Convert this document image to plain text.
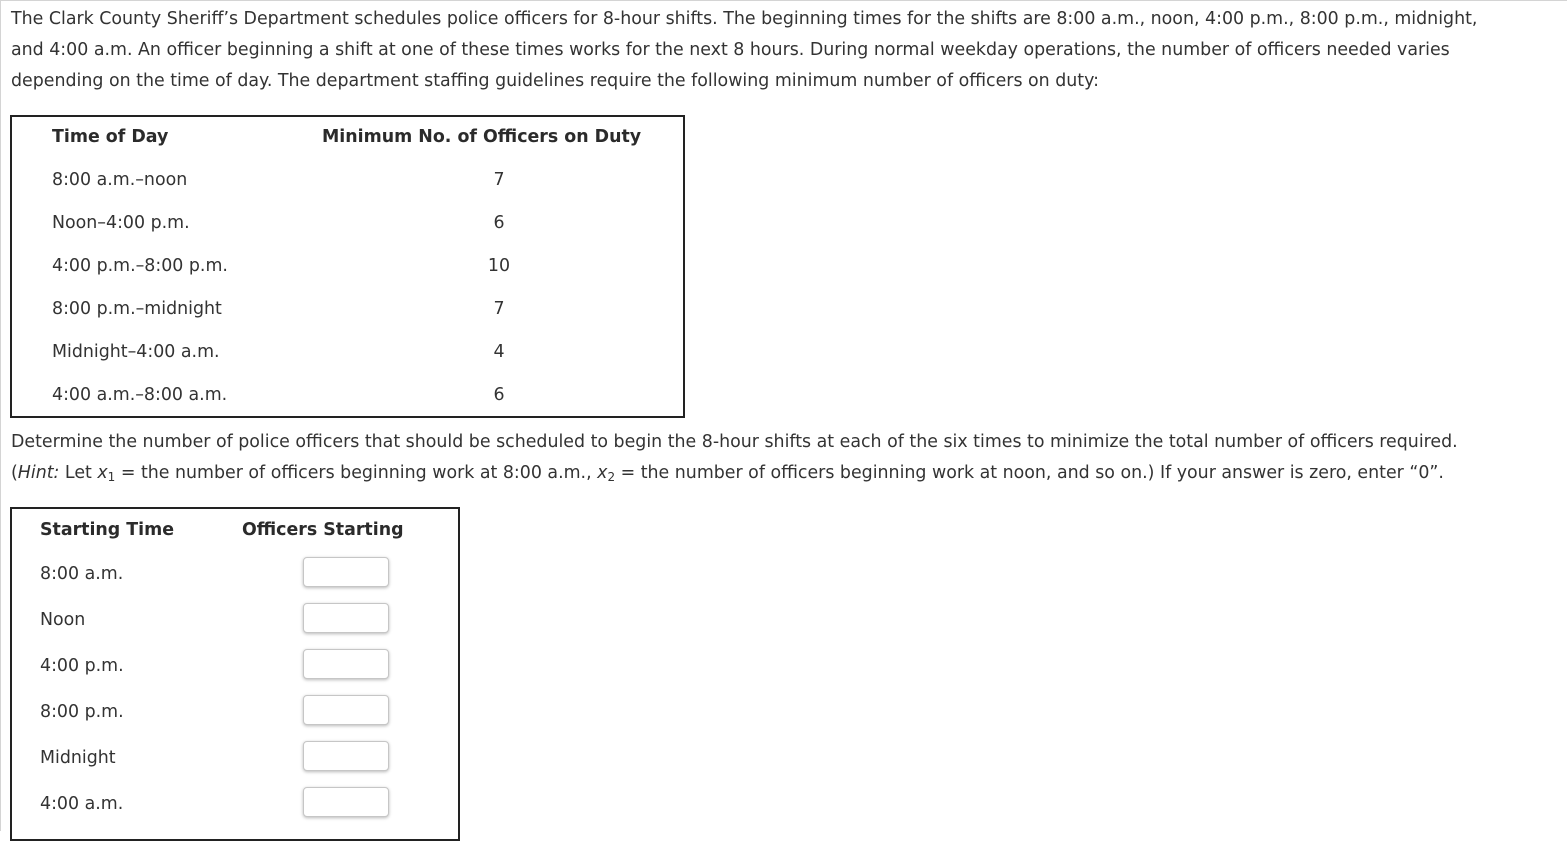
The Clark County Sheriff’s Department schedules police officers for 8-hour shifts. The beginning times for the shifts are 8:00 a.m., noon, 4:00 p.m., 8:00 p.m., midnight,
and 4:00 a.m. An officer beginning a shift at one of these times works for the next 8 hours. During normal weekday operations, the number of officers needed varies
depending on the time of day. The department staffing guidelines require the following minimum number of officers on duty:
Time of Day	Minimum No. of Officers on Duty
8:00 a.m.–noon	7
Noon–4:00 p.m.	6
4:00 p.m.–8:00 p.m.	10
8:00 p.m.–midnight	7
Midnight–4:00 a.m.	4
4:00 a.m.–8:00 a.m.	6
Determine the number of police officers that should be scheduled to begin the 8-hour shifts at each of the six times to minimize the total number of officers required.
(Hint: Let $x_1$ = the number of officers beginning work at 8:00 a.m., $x_2$ = the number of officers beginning work at noon, and so on.) If your answer is zero, enter “0”.
Starting Time	Officers Starting
8:00 a.m.
Noon
4:00 p.m.
8:00 p.m.
Midnight
4:00 a.m.
